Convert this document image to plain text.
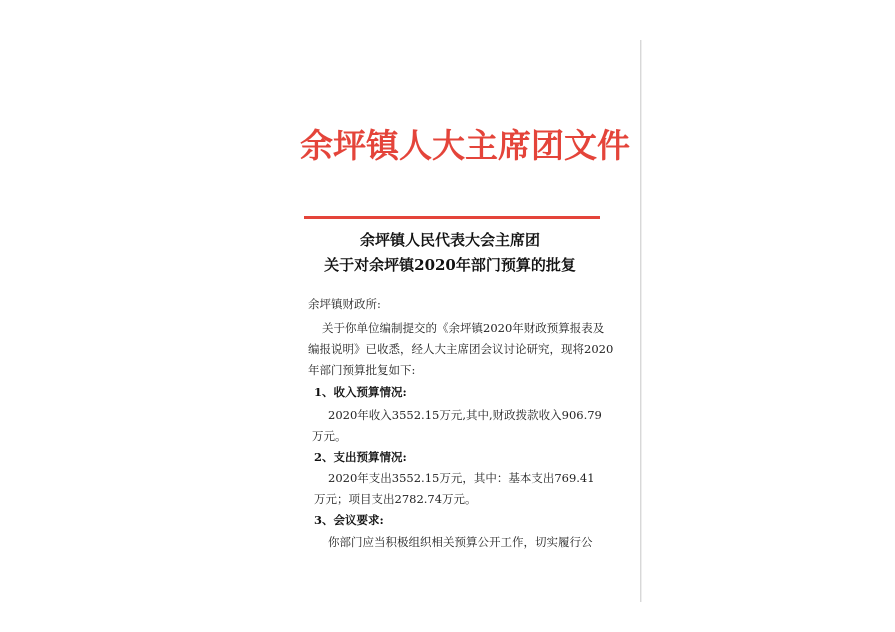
余坪镇人大主席团文件
余坪镇人民代表大会主席团
关于对余坪镇2020年部门预算的批复
余坪镇财政所:
关于你单位编制提交的《余坪镇2020年财政预算报表及
编报说明》已收悉，经人大主席团会议讨论研究，现将2020
年部门预算批复如下:
1、收入预算情况:
2020年收入3552.15万元,其中,财政拨款收入906.79
万元。
2、支出预算情况:
2020年支出3552.15万元，其中：基本支出769.41
万元；项目支出2782.74万元。
3、会议要求:
你部门应当积极组织相关预算公开工作，切实履行公
